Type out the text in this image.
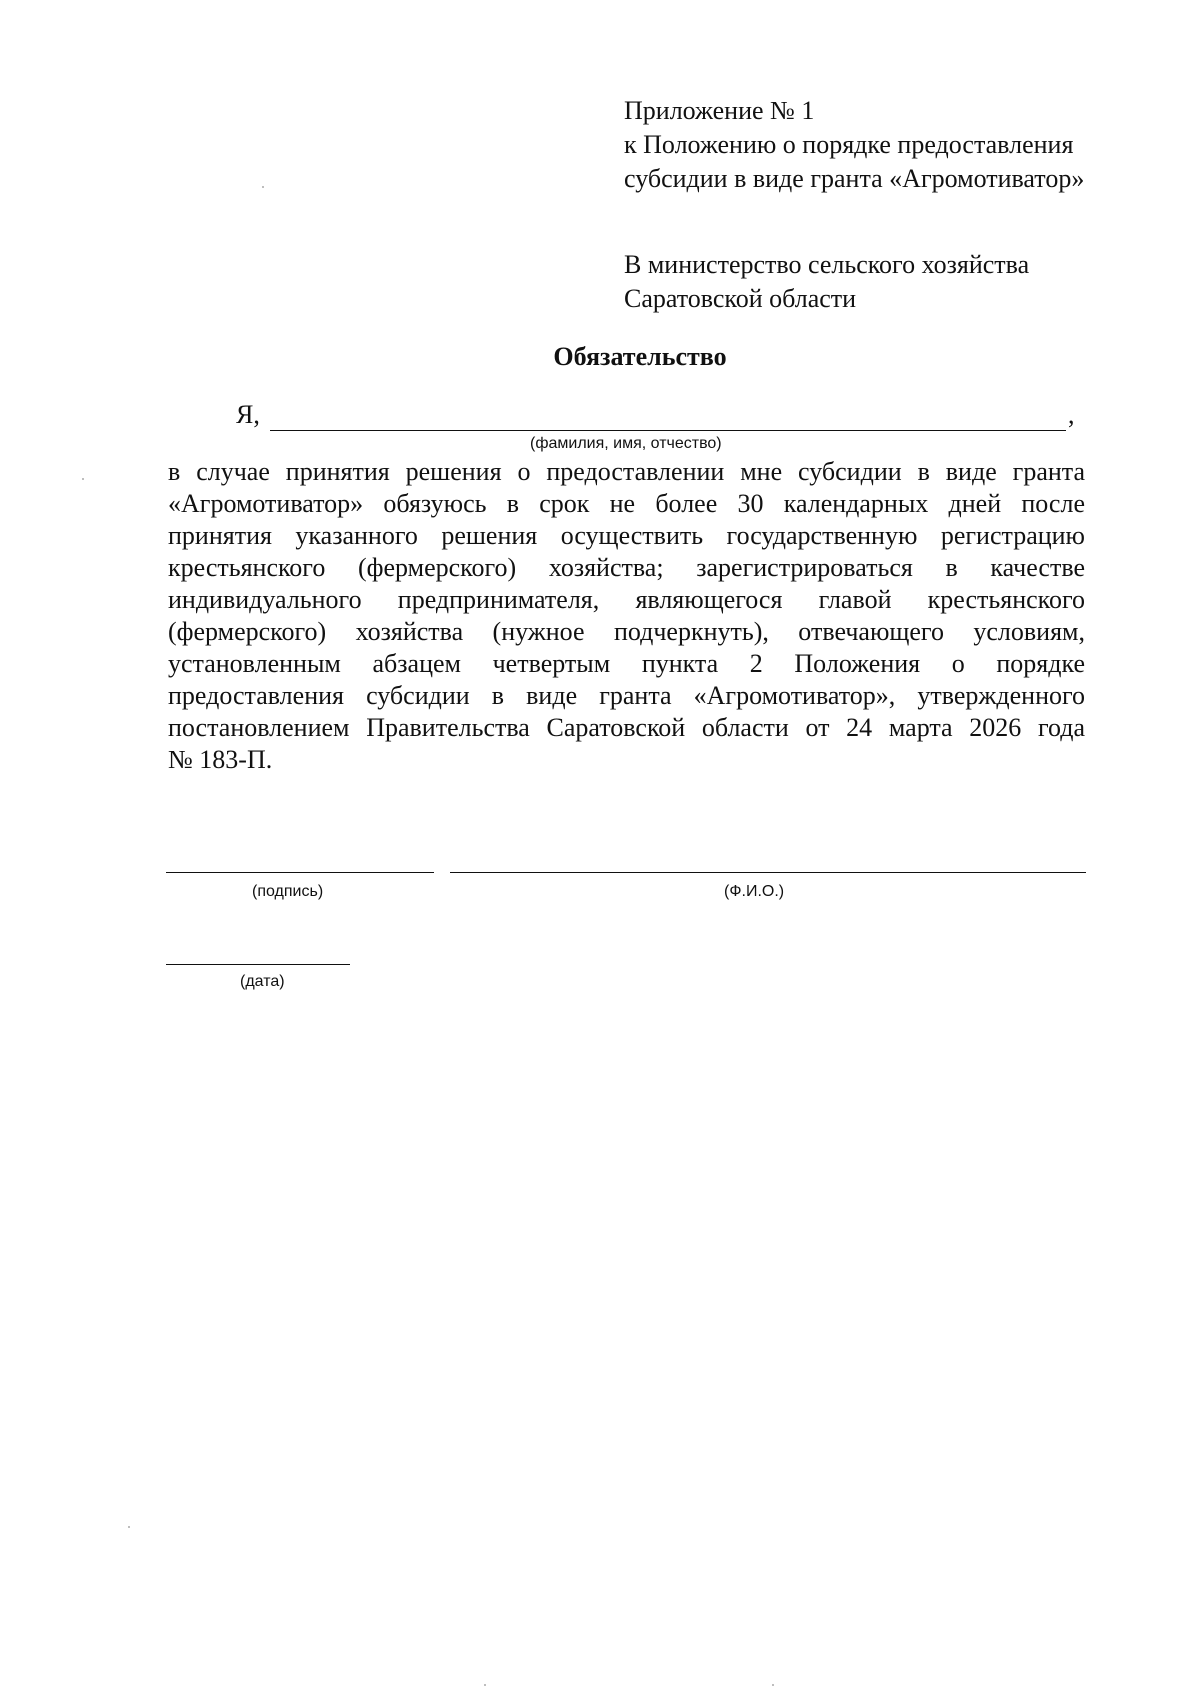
Приложение № 1
к Положению о порядке предоставления
субсидии в виде гранта «Агромотиватор»
В министерство сельского хозяйства
Саратовской области
Обязательство
Я,	,
(фамилия, имя, отчество)
в случае принятия решения о предоставлении мне субсидии в виде гранта
«Агромотиватор» обязуюсь в срок не более 30 календарных дней после
принятия указанного решения осуществить государственную регистрацию
крестьянского (фермерского) хозяйства; зарегистрироваться в качестве
индивидуального предпринимателя, являющегося главой крестьянского
(фермерского) хозяйства (нужное подчеркнуть), отвечающего условиям,
установленным абзацем четвертым пункта 2 Положения о порядке
предоставления субсидии в виде гранта «Агромотиватор», утвержденного
постановлением Правительства Саратовской области от 24 марта 2026 года
№ 183-П.
(подпись)	(Ф.И.О.)
(дата)
